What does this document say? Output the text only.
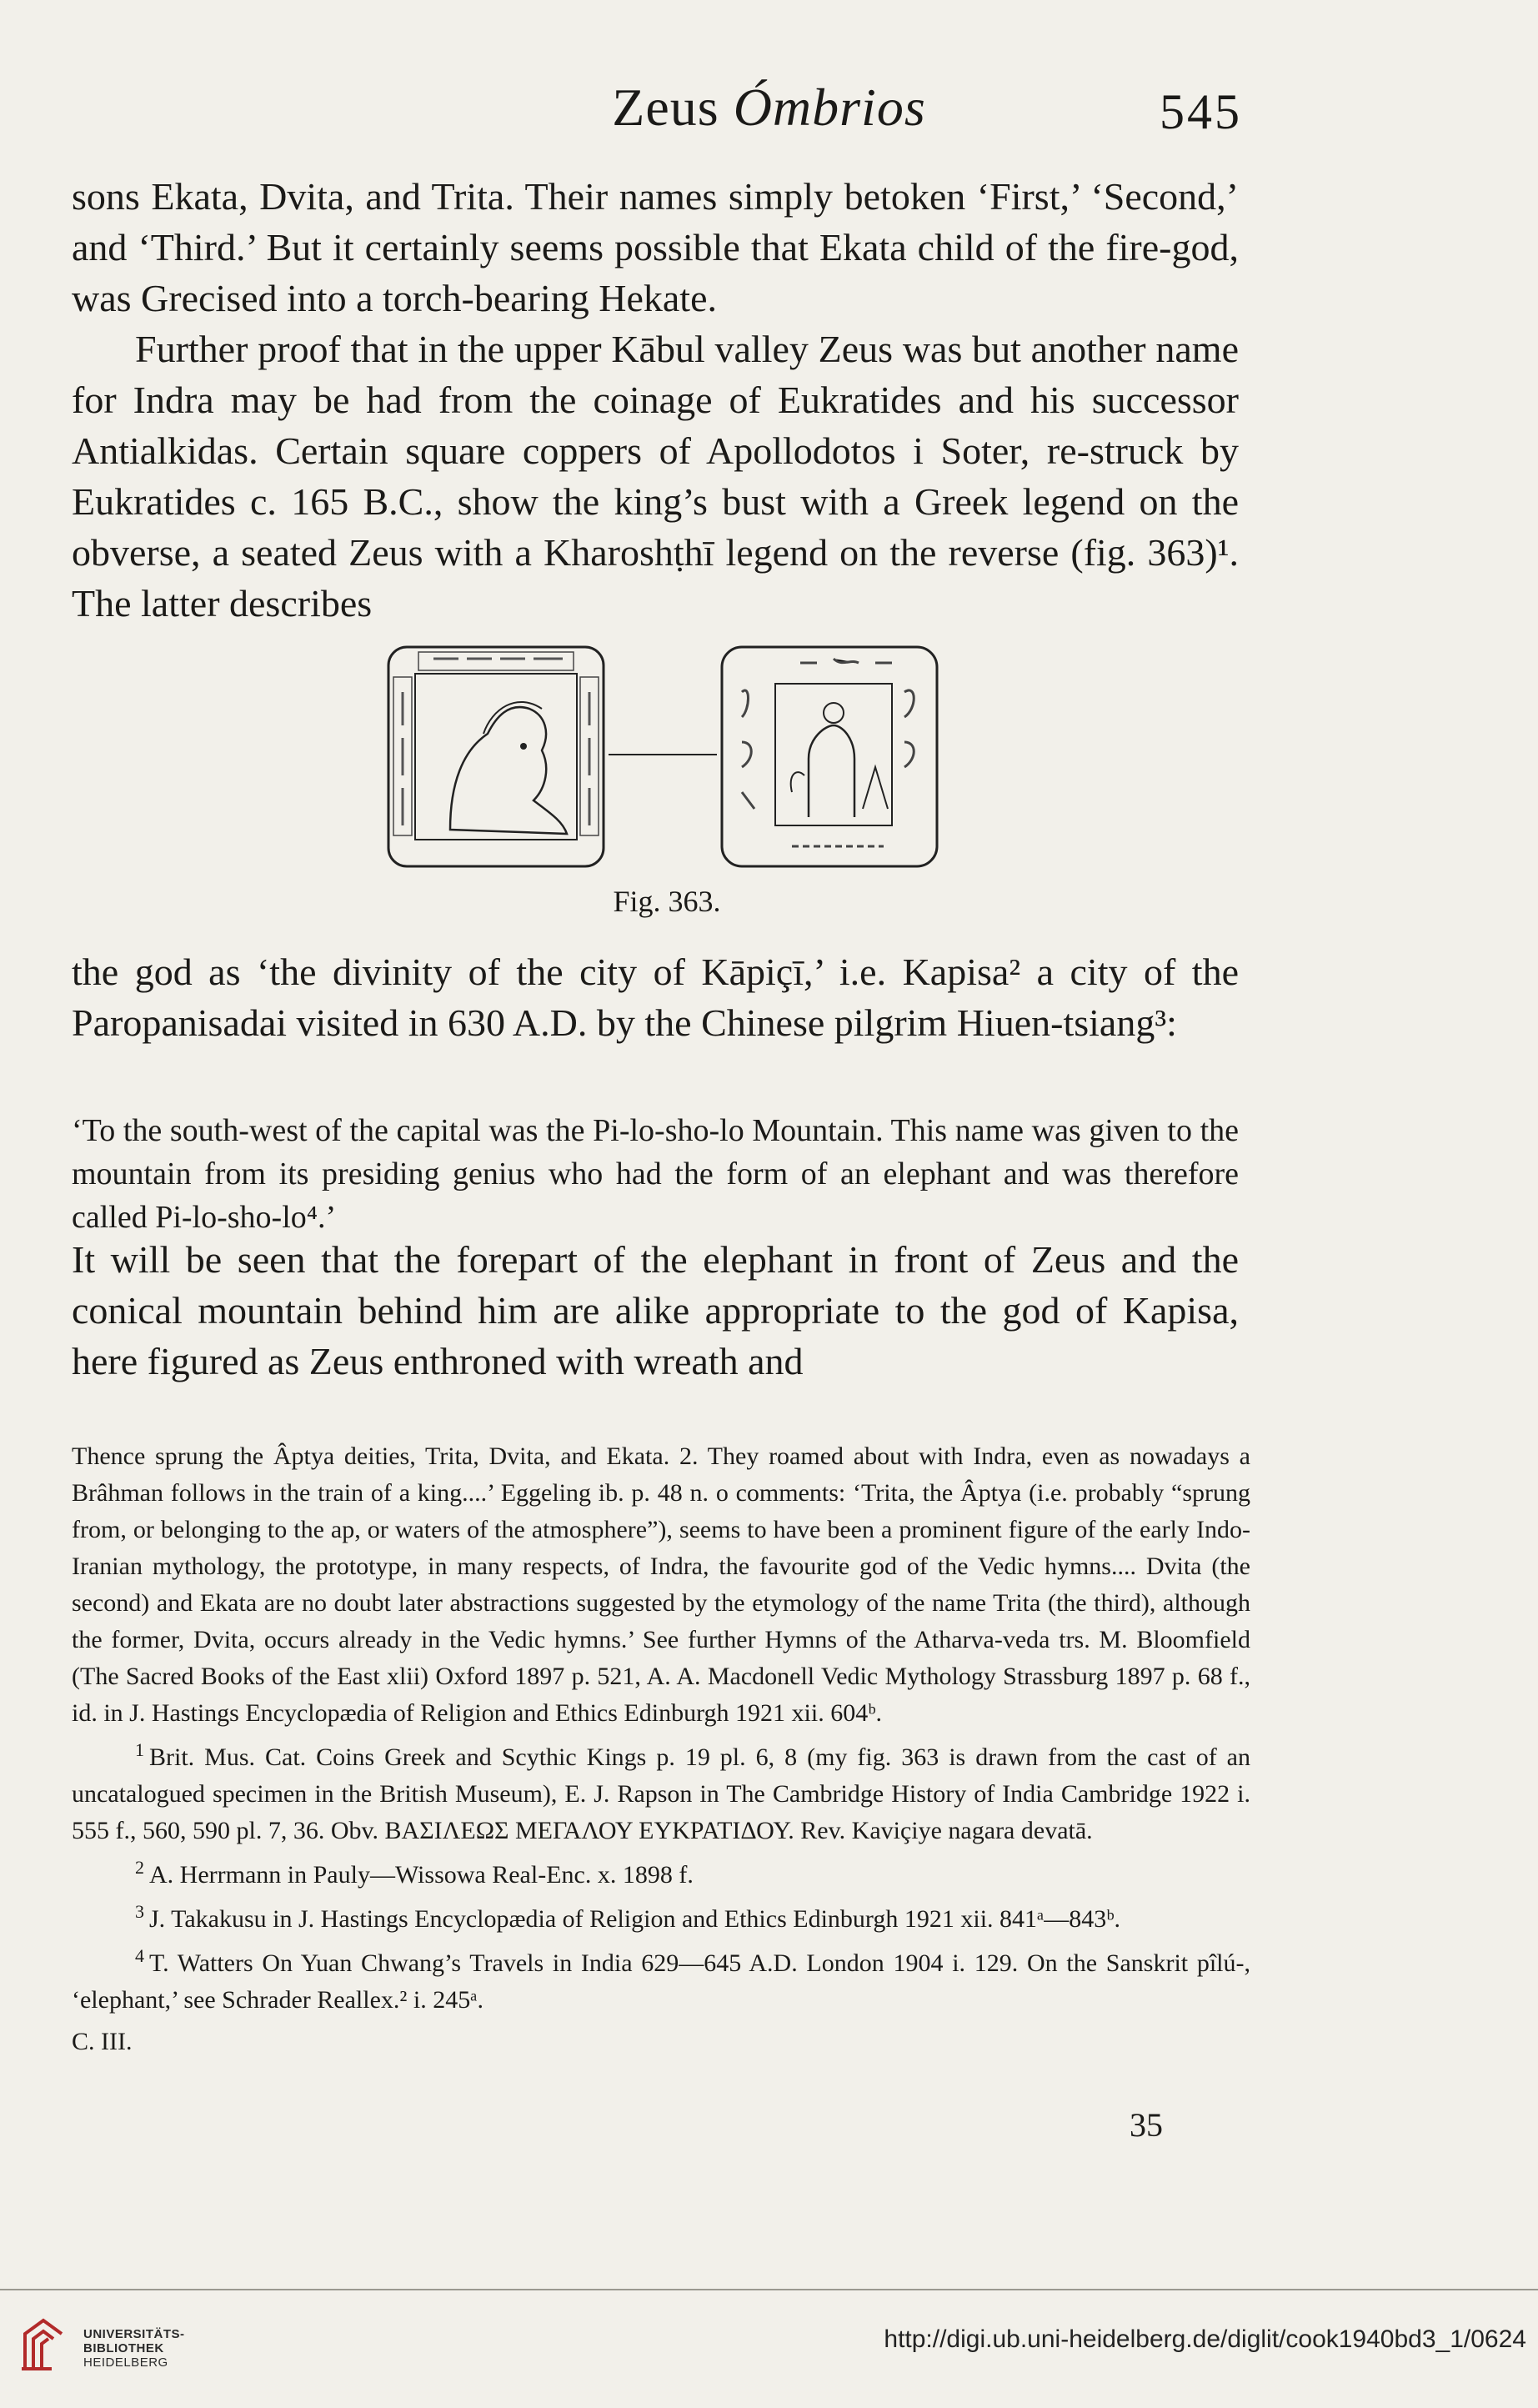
Zeus Ómbrios	545

sons Ekata, Dvita, and Trita. Their names simply betoken ‘First,’ ‘Second,’ and ‘Third.’ But it certainly seems possible that Ekata child of the fire-god, was Grecised into a torch-bearing Hekate.

Further proof that in the upper Kābul valley Zeus was but another name for Indra may be had from the coinage of Eukratides and his successor Antialkidas. Certain square coppers of Apollodotos i Soter, re-struck by Eukratides c. 165 B.C., show the king’s bust with a Greek legend on the obverse, a seated Zeus with a Kharoshṭhī legend on the reverse (fig. 363)¹. The latter describes

Fig. 363.

the god as ‘the divinity of the city of Kāpiçī,’ i.e. Kapisa² a city of the Paropanisadai visited in 630 A.D. by the Chinese pilgrim Hiuen-tsiang³:

‘To the south-west of the capital was the Pi-lo-sho-lo Mountain. This name was given to the mountain from its presiding genius who had the form of an elephant and was therefore called Pi-lo-sho-lo⁴.’

It will be seen that the forepart of the elephant in front of Zeus and the conical mountain behind him are alike appropriate to the god of Kapisa, here figured as Zeus enthroned with wreath and

Thence sprung the Âptya deities, Trita, Dvita, and Ekata. 2. They roamed about with Indra, even as nowadays a Brâhman follows in the train of a king....’ Eggeling ib. p. 48 n. o comments: ‘Trita, the Âptya (i.e. probably “sprung from, or belonging to the ap, or waters of the atmosphere”), seems to have been a prominent figure of the early Indo-Iranian mythology, the prototype, in many respects, of Indra, the favourite god of the Vedic hymns.... Dvita (the second) and Ekata are no doubt later abstractions suggested by the etymology of the name Trita (the third), although the former, Dvita, occurs already in the Vedic hymns.’ See further Hymns of the Atharva-veda trs. M. Bloomfield (The Sacred Books of the East xlii) Oxford 1897 p. 521, A. A. Macdonell Vedic Mythology Strassburg 1897 p. 68 f., id. in J. Hastings Encyclopædia of Religion and Ethics Edinburgh 1921 xii. 604ᵇ.

$^1$ Brit. Mus. Cat. Coins Greek and Scythic Kings p. 19 pl. 6, 8 (my fig. 363 is drawn from the cast of an uncatalogued specimen in the British Museum), E. J. Rapson in The Cambridge History of India Cambridge 1922 i. 555 f., 560, 590 pl. 7, 36. Obv. ΒΑΣΙΛΕΩΣ ΜΕΓΑΛΟΥ ΕΥΚΡΑΤΙΔΟΥ. Rev. Kaviçiye nagara devatā.

$^2$ A. Herrmann in Pauly—Wissowa Real-Enc. x. 1898 f.

$^3$ J. Takakusu in J. Hastings Encyclopædia of Religion and Ethics Edinburgh 1921 xii. 841ᵃ—843ᵇ.

$^4$ T. Watters On Yuan Chwang’s Travels in India 629—645 A.D. London 1904 i. 129. On the Sanskrit pîlú-, ‘elephant,’ see Schrader Reallex.² i. 245ᵃ.

C. III.

35
UNIVERSITÄTS-
BIBLIOTHEK
HEIDELBERG
http://digi.ub.uni-heidelberg.de/diglit/cook1940bd3_1/0624
